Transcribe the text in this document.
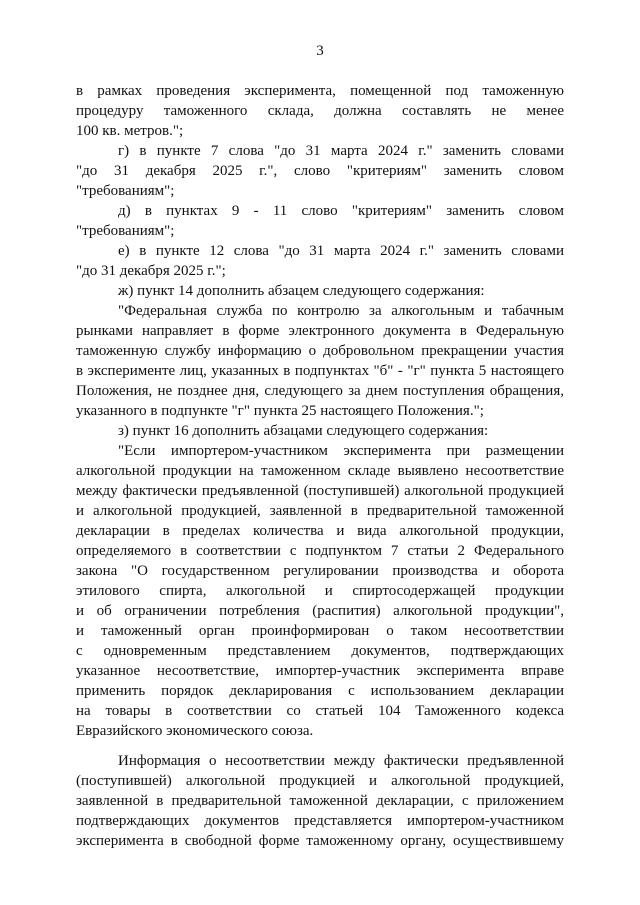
3
в рамках проведения эксперимента, помещенной под таможенную
процедуру таможенного склада, должна составлять не менее
100 кв. метров.";
г) в пункте 7 слова "до 31 марта 2024 г." заменить словами
"до 31 декабря 2025 г.", слово "критериям" заменить словом
"требованиям";
д) в пунктах 9 - 11 слово "критериям" заменить словом
"требованиям";
е) в пункте 12 слова "до 31 марта 2024 г." заменить словами
"до 31 декабря 2025 г.";
ж) пункт 14 дополнить абзацем следующего содержания:
"Федеральная служба по контролю за алкогольным и табачным
рынками направляет в форме электронного документа в Федеральную
таможенную службу информацию о добровольном прекращении участия
в эксперименте лиц, указанных в подпунктах "б" - "г" пункта 5 настоящего
Положения, не позднее дня, следующего за днем поступления обращения,
указанного в подпункте "г" пункта 25 настоящего Положения.";
з) пункт 16 дополнить абзацами следующего содержания:
"Если импортером-участником эксперимента при размещении
алкогольной продукции на таможенном складе выявлено несоответствие
между фактически предъявленной (поступившей) алкогольной продукцией
и алкогольной продукцией, заявленной в предварительной таможенной
декларации в пределах количества и вида алкогольной продукции,
определяемого в соответствии с подпунктом 7 статьи 2 Федерального
закона "О государственном регулировании производства и оборота
этилового спирта, алкогольной и спиртосодержащей продукции
и об ограничении потребления (распития) алкогольной продукции",
и таможенный орган проинформирован о таком несоответствии
с одновременным представлением документов, подтверждающих
указанное несоответствие, импортер-участник эксперимента вправе
применить порядок декларирования с использованием декларации
на товары в соответствии со статьей 104 Таможенного кодекса
Евразийского экономического союза.
Информация о несоответствии между фактически предъявленной
(поступившей) алкогольной продукцией и алкогольной продукцией,
заявленной в предварительной таможенной декларации, с приложением
подтверждающих документов представляется импортером-участником
эксперимента в свободной форме таможенному органу, осуществившему
